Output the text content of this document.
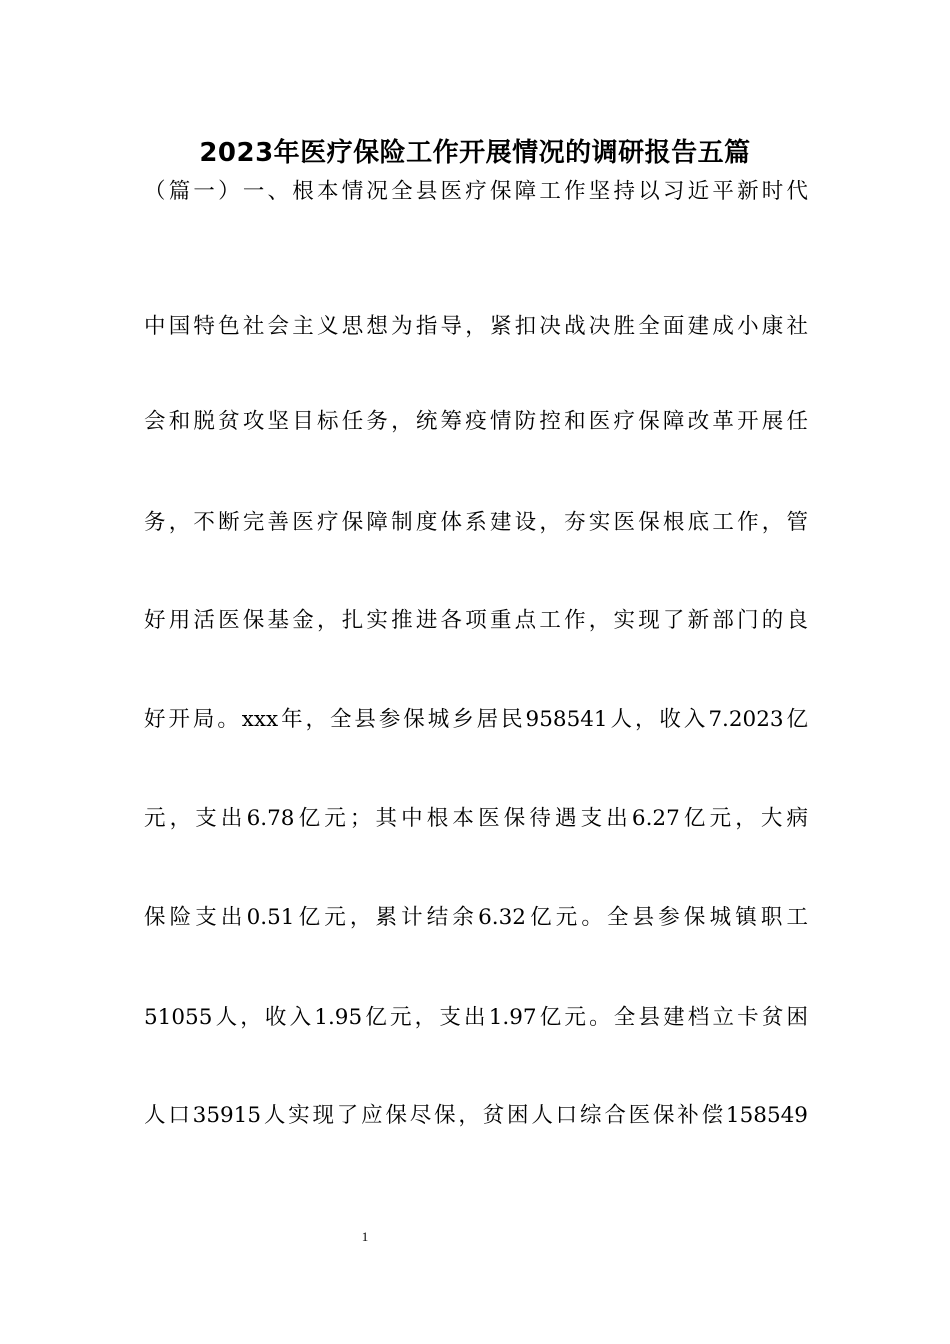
2023年医疗保险工作开展情况的调研报告五篇
（篇一）一、根本情况全县医疗保障工作坚持以习近平新时代
中国特色社会主义思想为指导，紧扣决战决胜全面建成小康社
会和脱贫攻坚目标任务，统筹疫情防控和医疗保障改革开展任
务，不断完善医疗保障制度体系建设，夯实医保根底工作，管
好用活医保基金，扎实推进各项重点工作，实现了新部门的良
好开局。xxx年，全县参保城乡居民958541人，收入7.2023亿
元，支出6.78亿元；其中根本医保待遇支出6.27亿元，大病
保险支出0.51亿元，累计结余6.32亿元。全县参保城镇职工
51055人，收入1.95亿元，支出1.97亿元。全县建档立卡贫困
人口35915人实现了应保尽保，贫困人口综合医保补偿158549
1
